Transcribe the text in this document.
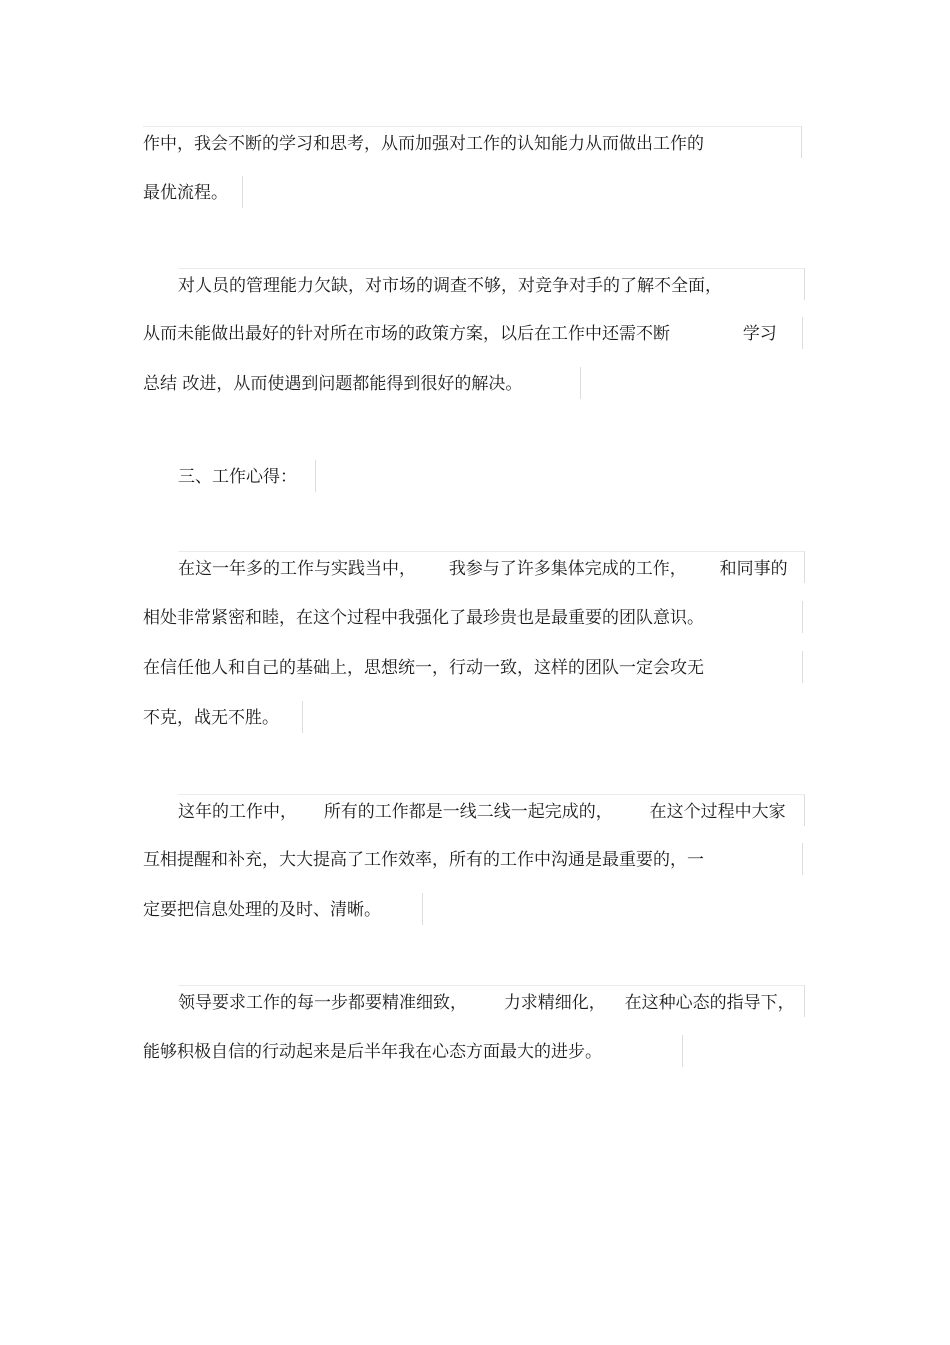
作中，我会不断的学习和思考，从而加强对工作的认知能力从而做出工作的
最优流程。
对人员的管理能力欠缺，对市场的调查不够，对竞争对手的了解不全面，
从而未能做出最好的针对所在市场的政策方案，以后在工作中还需不断	学习
总结 改进，从而使遇到问题都能得到很好的解决。
三、工作心得：
在这一年多的工作与实践当中， 我参与了许多集体完成的工作， 和同事的
相处非常紧密和睦，在这个过程中我强化了最珍贵也是最重要的团队意识。
在信任他人和自己的基础上，思想统一，行动一致，这样的团队一定会攻无
不克，战无不胜。
这年的工作中， 所有的工作都是一线二线一起完成的， 在这个过程中大家
互相提醒和补充，大大提高了工作效率，所有的工作中沟通是最重要的，一
定要把信息处理的及时、清晰。
领导要求工作的每一步都要精准细致， 力求精细化， 在这种心态的指导下，
能够积极自信的行动起来是后半年我在心态方面最大的进步。
